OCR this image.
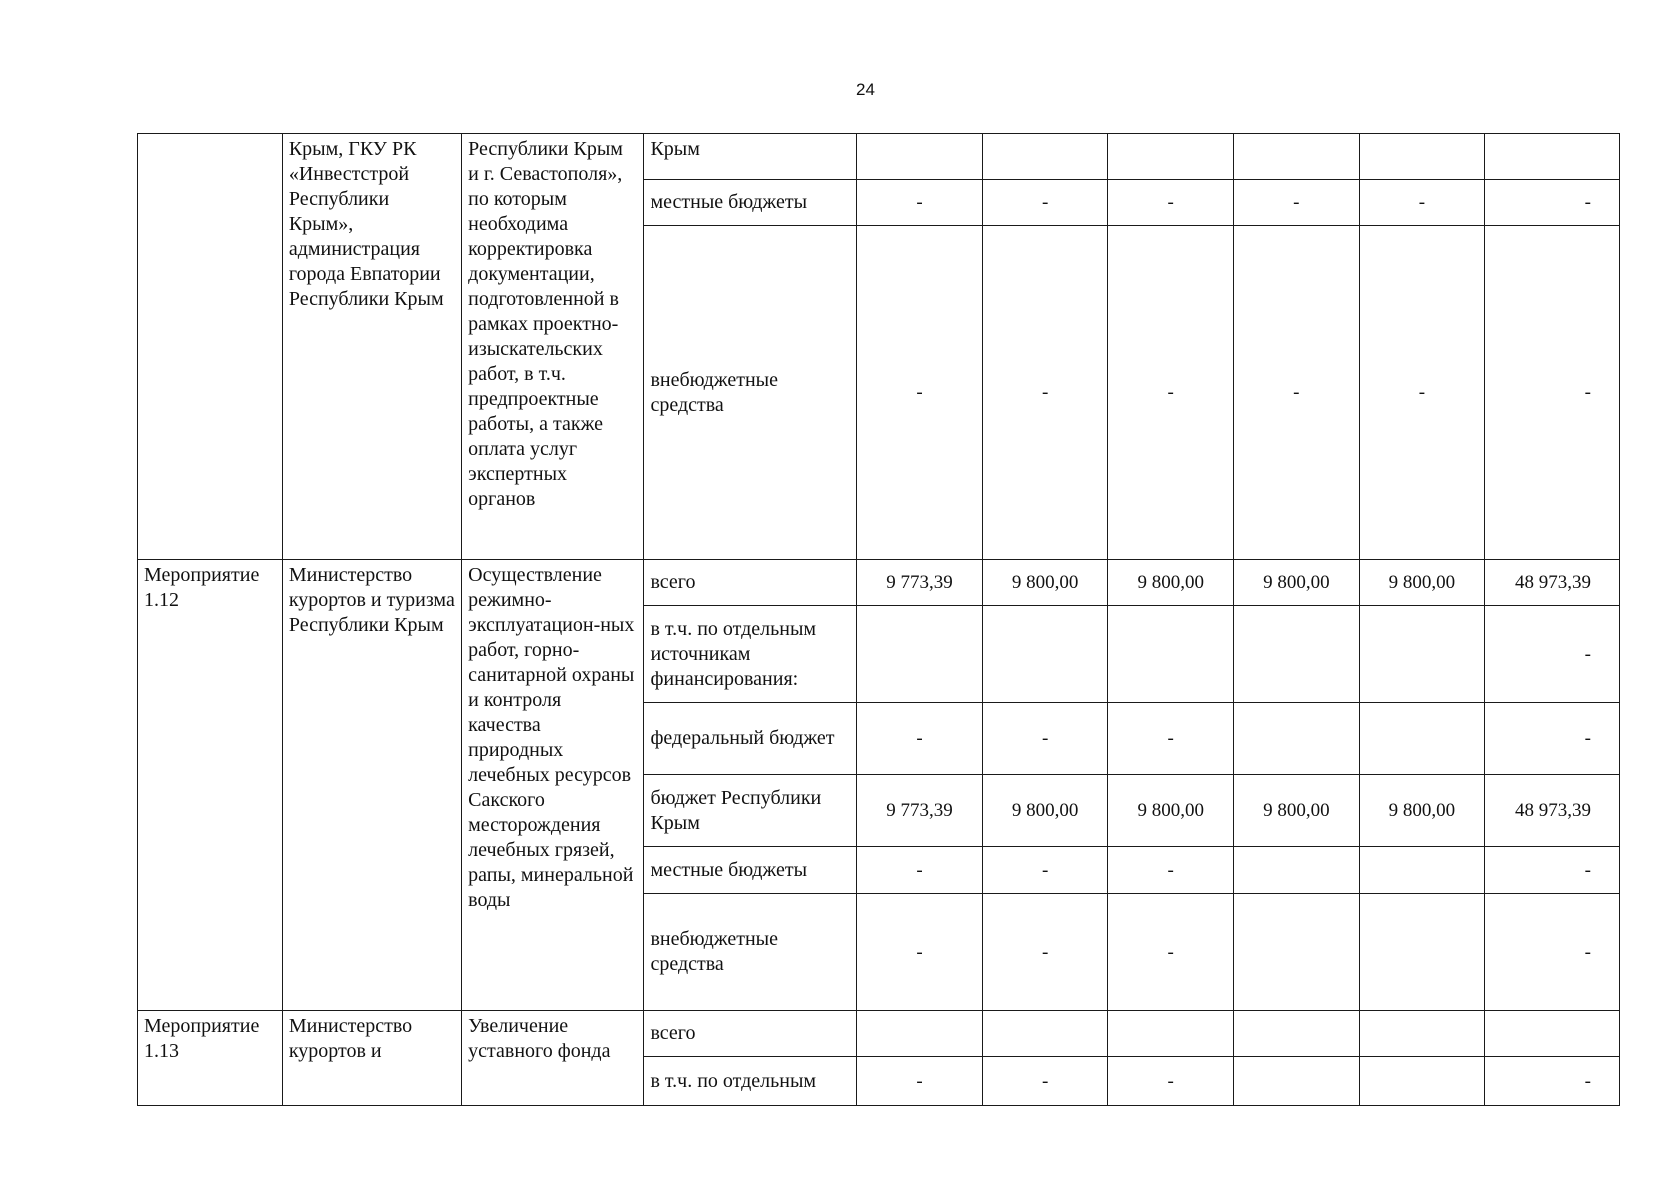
24
	Крым, ГКУ РК «Инвестстрой Республики Крым», администрация города Евпатории Республики Крым	Республики Крым и г. Севастополя», по которым необходима корректировка документации, подготовленной в рамках проектно-изыскательских работ, в т.ч. предпроектные работы, а также оплата услуг экспертных органов	Крым						
			местные бюджеты	-	-	-	-	-	-
			внебюджетные средства	-	-	-	-	-	-
Мероприятие 1.12	Министерство курортов и туризма Республики Крым	Осуществление режимно-эксплуатацион-ных работ, горно-санитарной охраны и контроля качества природных лечебных ресурсов Сакского месторождения лечебных грязей, рапы, минеральной воды	всего	9 773,39	9 800,00	9 800,00	9 800,00	9 800,00	48 973,39
			в т.ч. по отдельным источникам финансирования:						-
			федеральный бюджет	-	-	-			-
			бюджет Республики Крым	9 773,39	9 800,00	9 800,00	9 800,00	9 800,00	48 973,39
			местные бюджеты	-	-	-			-
			внебюджетные средства	-	-	-			-
Мероприятие 1.13	Министерство курортов и	Увеличение уставного фонда	всего						
			в т.ч. по отдельным	-	-	-			-
